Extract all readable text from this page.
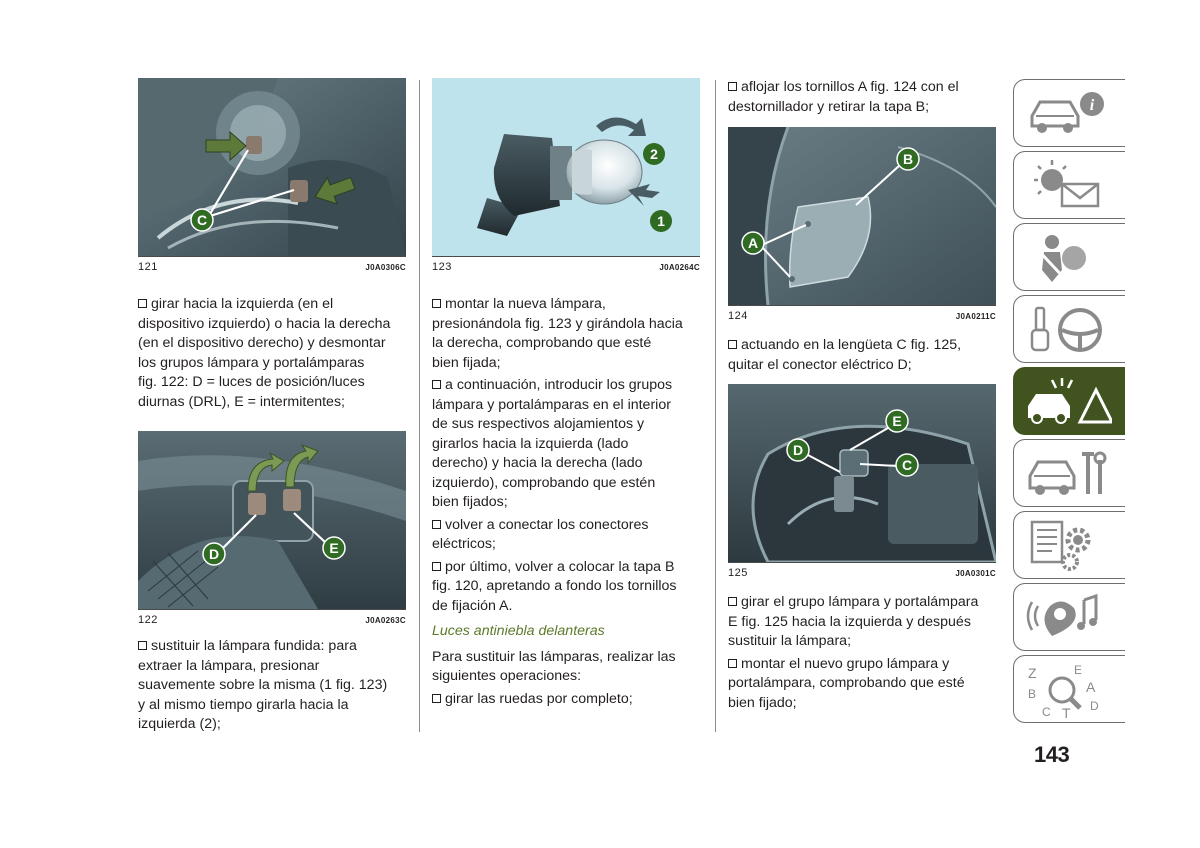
C
121	J0A0306C

girar hacia la izquierda (en el

dispositivo izquierdo) o hacia la derecha

(en el dispositivo derecho) y desmontar

los grupos lámpara y portalámparas

fig. 122: D = luces de posición/luces

diurnas (DRL), E = intermitentes;

D	E
122	J0A0263C

sustituir la lámpara fundida: para

extraer la lámpara, presionar

suavemente sobre la misma (1 fig. 123)

y al mismo tiempo girarla hacia la

izquierda (2);

2
1
123	J0A0264C

montar la nueva lámpara,

presionándola fig. 123 y girándola hacia

la derecha, comprobando que esté

bien fijada;

a continuación, introducir los grupos

lámpara y portalámparas en el interior

de sus respectivos alojamientos y

girarlos hacia la izquierda (lado

derecho) y hacia la derecha (lado

izquierdo), comprobando que estén

bien fijados;

volver a conectar los conectores

eléctricos;

por último, volver a colocar la tapa B

fig. 120, apretando a fondo los tornillos

de fijación A.

Luces antiniebla delanteras

Para sustituir las lámparas, realizar las

siguientes operaciones:

girar las ruedas por completo;

aflojar los tornillos A fig. 124 con el

destornillador y retirar la tapa B;

B
A
124	J0A0211C

actuando en la lengüeta C fig. 125,

quitar el conector eléctrico D;

E
D
C
125	J0A0301C

girar el grupo lámpara y portalámpara

E fig. 125 hacia la izquierda y después

sustituir la lámpara;

montar el nuevo grupo lámpara y

portalámpara, comprobando que esté

bien fijado;

i
Z	E
A
B
D
C T
143
